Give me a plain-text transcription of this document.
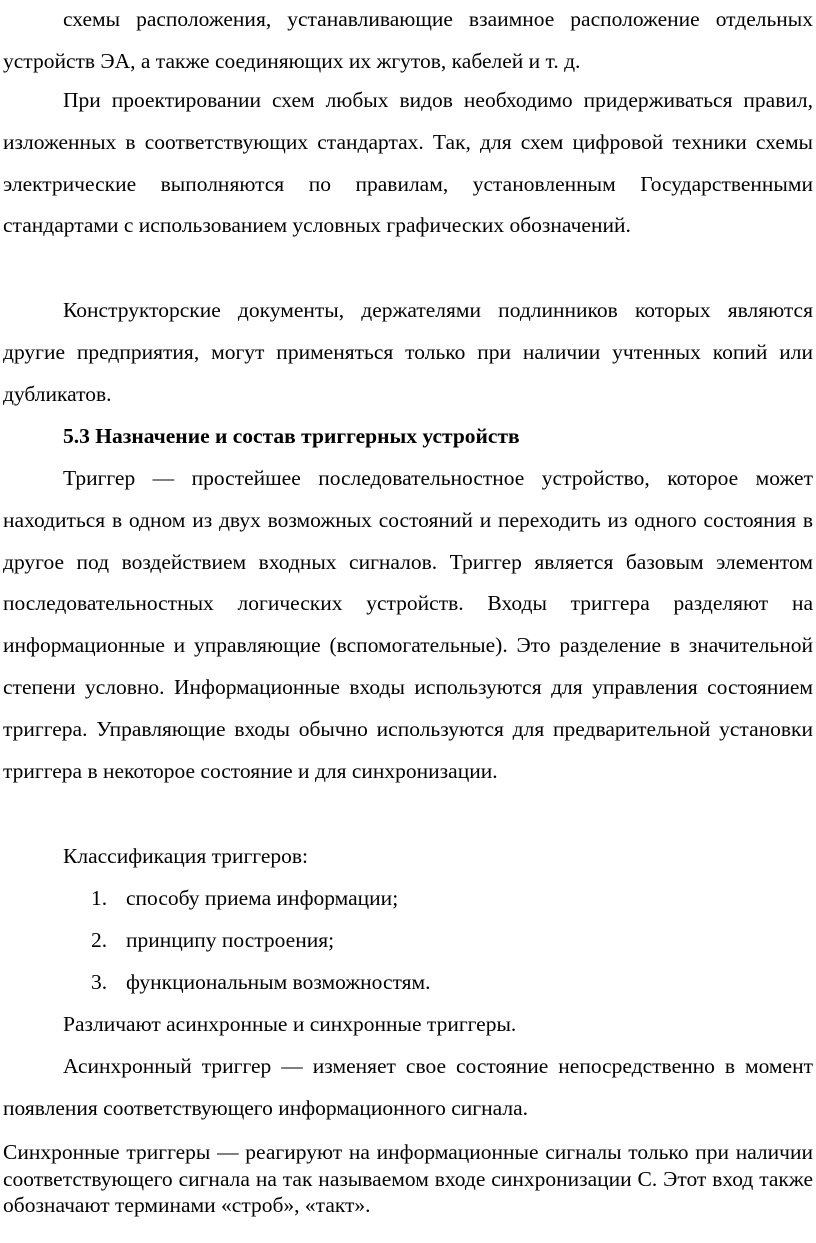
схемы расположения, устанавливающие взаимное расположение отдельных устройств ЭА, а также соединяющих их жгутов, кабелей и т. д.

При проектировании схем любых видов необходимо придерживаться правил, изложенных в соответствующих стандартах. Так, для схем цифровой техники схемы электрические выполняются по правилам, установленным Государственными стандартами с использованием условных графических обозначений.

Конструкторские документы, держателями подлинников которых являются другие предприятия, могут применяться только при наличии учтенных копий или дубликатов.

5.3 Назначение и состав триггерных устройств

Триггер — простейшее последовательностное устройство, которое может находиться в одном из двух возможных состояний и переходить из одного состояния в другое под воздействием входных сигналов. Триггер является базовым элементом последовательностных логических устройств. Входы триггера разделяют на информационные и управляющие (вспомогательные). Это разделение в значительной степени условно. Информационные входы используются для управления состоянием триггера. Управляющие входы обычно используются для предварительной установки триггера в некоторое состояние и для синхронизации.

Классификация триггеров:

1. способу приема информации;
2. принципу построения;
3. функциональным возможностям.

Различают асинхронные и синхронные триггеры.

Асинхронный триггер — изменяет свое состояние непосредственно в момент появления соответствующего информационного сигнала.

Синхронные триггеры — реагируют на информационные сигналы только при наличии соответствующего сигнала на так называемом входе синхронизации С. Этот вход также обозначают терминами «строб», «такт».
